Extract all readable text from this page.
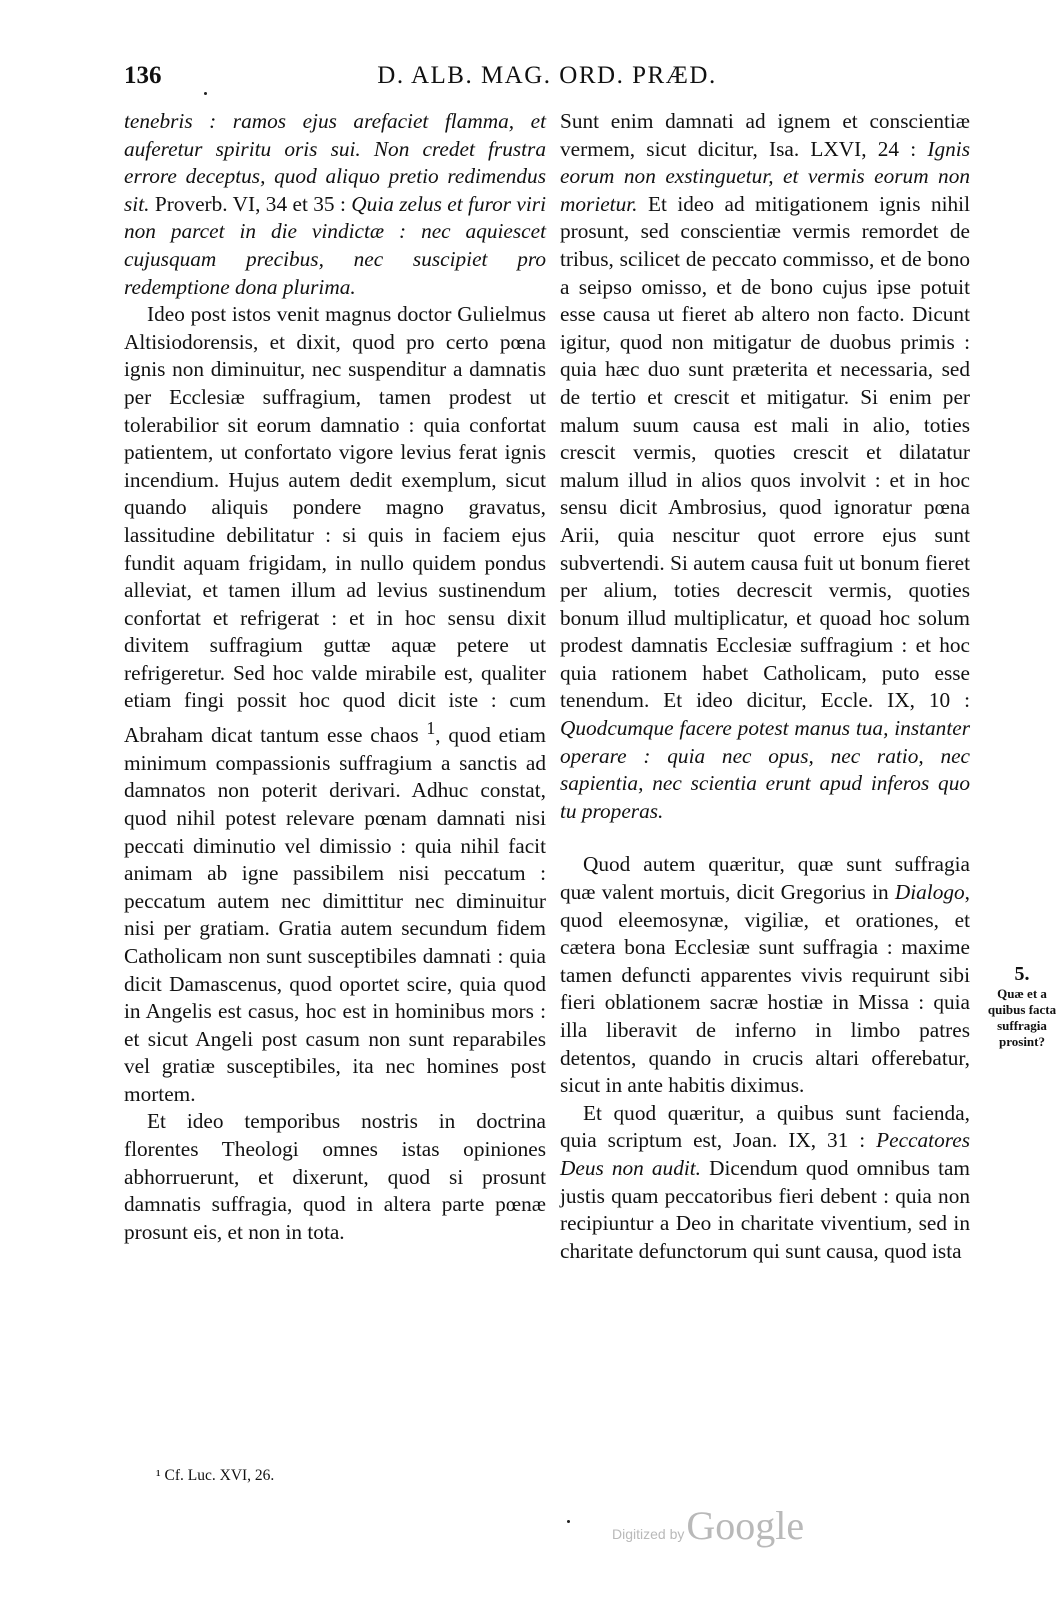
136	D. ALB. MAG. ORD. PRÆD.

tenebris : ramos ejus arefaciet flamma, et auferetur spiritu oris sui. Non credet frustra errore deceptus, quod aliquo pretio redimendus sit. Proverb. VI, 34 et 35 : Quia zelus et furor viri non parcet in die vindictæ : nec aquiescet cujusquam precibus, nec suscipiet pro redemptione dona plurima.

Ideo post istos venit magnus doctor Gulielmus Altisiodorensis, et dixit, quod pro certo pœna ignis non diminuitur, nec suspenditur a damnatis per Ecclesiæ suffragium, tamen prodest ut tolerabilior sit eorum damnatio : quia confortat patientem, ut confortato vigore levius ferat ignis incendium. Hujus autem dedit exemplum, sicut quando aliquis pondere magno gravatus, lassitudine debilitatur : si quis in faciem ejus fundit aquam frigidam, in nullo quidem pondus alleviat, et tamen illum ad levius sustinendum confortat et refrigerat : et in hoc sensu dixit divitem suffragium guttæ aquæ petere ut refrigeretur. Sed hoc valde mirabile est, qualiter etiam fingi possit hoc quod dicit iste : cum Abraham dicat tantum esse chaos $^1$, quod etiam minimum compassionis suffragium a sanctis ad damnatos non poterit derivari. Adhuc constat, quod nihil potest relevare pœnam damnati nisi peccati diminutio vel dimissio : quia nihil facit animam ab igne passibilem nisi peccatum : peccatum autem nec dimittitur nec diminuitur nisi per gratiam. Gratia autem secundum fidem Catholicam non sunt susceptibiles damnati : quia dicit Damascenus, quod oportet scire, quia quod in Angelis est casus, hoc est in hominibus mors : et sicut Angeli post casum non sunt reparabiles vel gratiæ susceptibiles, ita nec homines post mortem.

Et ideo temporibus nostris in doctrina florentes Theologi omnes istas opiniones abhorruerunt, et dixerunt, quod si prosunt damnatis suffragia, quod in altera parte pœnæ prosunt eis, et non in tota.

Sunt enim damnati ad ignem et conscientiæ vermem, sicut dicitur, Isa. LXVI, 24 : Ignis eorum non exstinguetur, et vermis eorum non morietur. Et ideo ad mitigationem ignis nihil prosunt, sed conscientiæ vermis remordet de tribus, scilicet de peccato commisso, et de bono a seipso omisso, et de bono cujus ipse potuit esse causa ut fieret ab altero non facto. Dicunt igitur, quod non mitigatur de duobus primis : quia hæc duo sunt præterita et necessaria, sed de tertio et crescit et mitigatur. Si enim per malum suum causa est mali in alio, toties crescit vermis, quoties crescit et dilatatur malum illud in alios quos involvit : et in hoc sensu dicit Ambrosius, quod ignoratur pœna Arii, quia nescitur quot errore ejus sunt subvertendi. Si autem causa fuit ut bonum fieret per alium, toties decrescit vermis, quoties bonum illud multiplicatur, et quoad hoc solum prodest damnatis Ecclesiæ suffragium : et hoc quia rationem habet Catholicam, puto esse tenendum. Et ideo dicitur, Eccle. IX, 10 : Quodcumque facere potest manus tua, instanter operare : quia nec opus, nec ratio, nec sapientia, nec scientia erunt apud inferos quo tu properas.

Quod autem quæritur, quæ sunt suffragia quæ valent mortuis, dicit Gregorius in Dialogo, quod eleemosynæ, vigiliæ, et orationes, et cætera bona Ecclesiæ sunt suffragia : maxime tamen defuncti apparentes vivis requirunt sibi fieri oblationem sacræ hostiæ in Missa : quia illa liberavit de inferno in limbo patres detentos, quando in crucis altari offerebatur, sicut in ante habitis diximus.

Et quod quæritur, a quibus sunt facienda, quia scriptum est, Joan. IX, 31 : Peccatores Deus non audit. Dicendum quod omnibus tam justis quam peccatoribus fieri debent : quia non recipiuntur a Deo in charitate viventium, sed in charitate defunctorum qui sunt causa, quod ista

5.
Quæ et a quibus facta suffragia prosint?
¹ Cf. Luc. XVI, 26.
Digitized by Google
